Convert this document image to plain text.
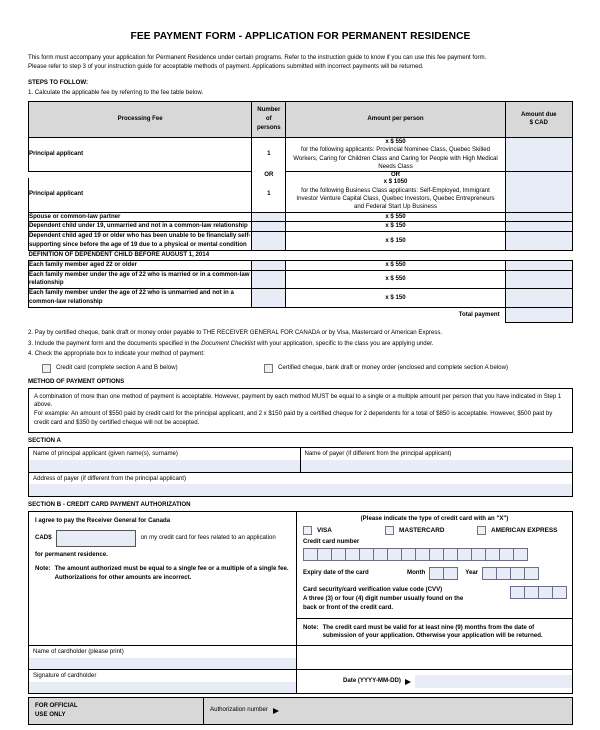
FEE PAYMENT FORM - APPLICATION FOR PERMANENT RESIDENCE

This form must accompany your application for Permanent Residence under certain programs. Refer to the instruction guide to know if you can use this fee payment form.

Please refer to step 3 of your instruction guide for acceptable methods of payment. Applications submitted with incorrect payments will be returned.

STEPS TO FOLLOW:
1. Calculate the applicable fee by referring to the fee table below.
Processing Fee	Number of
persons	Amount per person	Amount due
$ CAD
Principal applicant	1	x $ 550
for the following applicants: Provincial Nominee Class, Quebec Skilled Workers, Caring for Children Class and Caring for People with High Medical Needs Class	

	OR	OR	
Principal applicant	1	x $ 1050
for the following Business Class applicants: Self-Employed, Immigrant Investor Venture Capital Class, Quebec Investors, Quebec Entrepreneurs and Federal Start Up Business	

Spouse or common-law partner		x $ 550	
Dependent child under 19, unmarried and not in a common-law relationship		x $ 150	
Dependent child aged 19 or older who has been unable to be financially self-supporting since before the age of 19 due to a physical or mental condition		x $ 150	
DEFINITION OF DEPENDENT CHILD BEFORE AUGUST 1, 2014			
Each family member aged 22 or older		x $ 550	
Each family member under the age of 22 who is married or in a common-law relationship		x $ 550	
Each family member under the age of 22 who is unmarried and not in a common-law relationship		x $ 150	
		Total payment	

2. Pay by certified cheque, bank draft or money order payable to THE RECEIVER GENERAL FOR CANADA or by Visa, Mastercard or American Express.

3. Include the payment form and the documents specified in the Document Checklist with your application, specific to the class you are applying under.

4. Check the appropriate box to indicate your method of payment:

Credit card (complete section A and B below)	Certified cheque, bank draft or money order (enclosed and complete section A below)
METHOD OF PAYMENT OPTIONS

A combination of more than one method of payment is acceptable. However, payment by each method MUST be equal to a single or a multiple amount per person that you have indicated in Step 1 above.

For example: An amount of $550 paid by credit card for the principal applicant, and 2 x $150 paid by a certified cheque for 2 dependents for a total of $850 is acceptable. However, $500 paid by credit card and $350 by certified cheque will not be accepted.

SECTION A
Name of principal applicant (given name(s), surname)	Name of payer (if different from the principal applicant)
Address of payer (if different from the principal applicant)
SECTION B - CREDIT CARD PAYMENT AUTHORIZATION
I agree to pay the Receiver General for Canada
CAD$	on my credit card for fees related to an application
for permanent residence.
Note: The amount authorized must be equal to a single fee or a multiple of a single fee. Authorizations for other amounts are incorrect.
(Please indicate the type of credit card with an "X")
VISA	MASTERCARD	AMERICAN EXPRESS
Credit card number
Expiry date of the card	Month	Year
Card security/card verification value code (CVV)
A three (3) or four (4) digit number usually found on the
back or front of the credit card.
Note: The credit card must be valid for at least nine (9) months from the date of submission of your application. Otherwise your application will be returned.
Name of cardholder (please print)
Signature of cardholder
Date (YYYY-MM-DD)
FOR OFFICIAL
USE ONLY
Authorization number
